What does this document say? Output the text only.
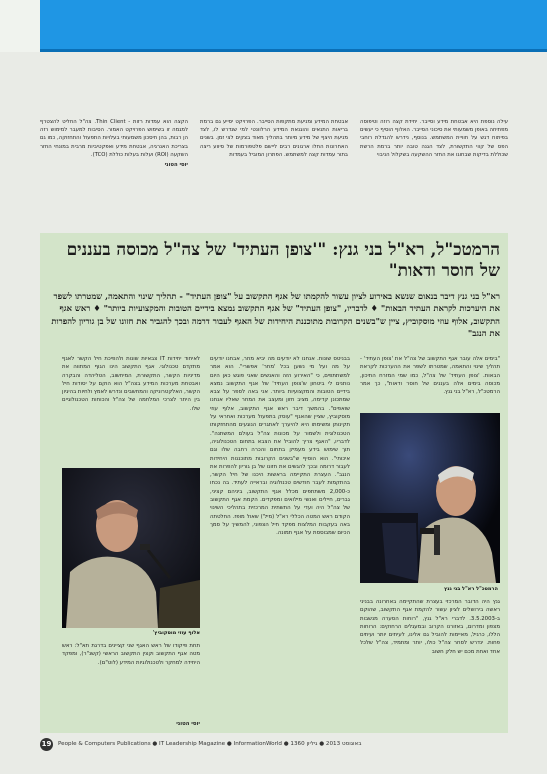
עילה נוספת היא אבטחת מידע וסייבר. יחידת קצה רוזה וטיפוסה מפתיחה באופן משמעותי את סיכוני הסייבר. האלוף הוסיף כי יעשים בפיתוח דגש על חוויית המשתמש. בנוסף, נידרש להגדלת רוחבי הפס של קווי התקשורת, לצד הגנה טובה יותר ברמת הרשת שכוללת בדיקות שבחוגו את החזר ההשקעה בשקלול הניבוי
אבטחת המידע ומניעת מתקפות הסייבר. הפרויקט יסייע גם ברמת בריאות התנאים והוגנאת המידע הרלוונטי למי שנדרש לו, לצד מניעת היצף של מידע מיותר בתהליך מאוד בצקים לצי זמן. בשנים האחרונות החלו ארגונים רבים ליישם פלטפורמות של סיווע ריצה בתור עמדות קצה למשתמש. הפתרון המוביל בעמדות
הקצה הוא עמדות רזות - Thin Client. צה"ל החליט להצטרף למגמה זו בשימוש הפרויקט האמור. הסיבות למעבר למימוש רזה הן רבות, בהן חיסכון משמעותי בעלויות התפעול והתחזוקה, כמו גם בצריכת האנרגיה, אבטחת מידע ואפקטיביות מרבית במונחי החזר השקעה (ROI) ועלות בעלות כוללת (TCO).
יוסי הטוני
הרמטכ"ל, רא"ל בני גנץ: "'צופן העתיד' של צה"ל מכוסה בעננים של חוסר ודאות"
רא"ל בני גנץ דיבר בנאום שנשא באירוע לציון עשור להקמתו של אגף התקשוב על "צופן העתיד" - תהליך שינוי והתאמה, שמטרתו לשפר את היערכות לקראת העתיד הבאות" ♦ לדבריו, "צופן העתיד" של אגף התקשוב נמצא בידיים הטובות והמקצועיות ביותר" ♦ ראש אגף התקשוב, אלוף עוזי מוסקוביץ, ציין ש"בשנים הקרובות מתוכננת היחידות של האגף לעבור דרמה ובכך להגביר את חזונו של בן גוריון להפרות את הנגב"
"בימים אלה עובר אגף התקשוב של צה"ל את 'צופן העתיד' - תהליך שינוי והתאמה, שמטרתו לשפר את ההערכות לקראת הבאות. 'צופן העתיד' של צה"ל, כמו שמי המזרח התיכון, מכוסה בימים אלה בעננים של חוסר ודאות", כך אמר הרמטכ"ל, רא"ל בני גנץ.
הרמטכ"ל רא"ל בני גנץ
גנץ היה הדובר המרכזי בעצרת שהתקיימה באחרונה בבניני ראשה בירושלים לציון עשור להקמת אגף התקשוב, שהוקם ב-3.5.2003. לדברי רא"ל גנץ, "רוחות הסערה מנשבות מצפון ומדרום, באזורנו הקרוב ובמעגלים הרחוקים: הרוחות הללו, כרגיל, מאיימות להוביל גם אלינו, לעיתים יותר ועיתים פחות. ינדרש לסחר צה"ל כולו, יותר ומתמיד, צה"ל שלכל אחד ואחת מכם יש חלק חשוב
בבניטס שונות. אנחנו לא יודעים מה יביא מחר, אבחנו יודעים על מה ועל מי נשען בכל 'מחר' אפשרי". הוא אמר למשתתפים, כי "האירוע הזה והאנשים שאני פוגש כאן היום נותנים לי ביטחון ש'צופן העתיד' של אגף התקשוב נמצא בידיים הטובות והמקצועיות ביותר. אני באה לספר על צבא שמתכונן קדימה, מציב חזון ומעצב את המחר שאליו אנחנו שואפים". בהמשך דיבר ראש אגף התקשוב, אלוף עוזי מוסקוביץ, שציין שהאגף "עוסק בתפעול מערכות ואחראי על תקינותן ומשימתו היא להיערך לאתגרים הנוגעים מהתחזקותו הטכנולוגית ולשמור על מכונות צה"ל בעולם המשתנה". לדבריו, "האגף צריך להוביל את הצבא בתחום הטכנולוגיה, תוך שימוש בידע מעמיק בתחום והכרה רחבה שלו וגם איכותי". הוא הוסיף ש"בשנים הקרובות מתוכננות היחידות לעבור דרומה ובכך להגשים את חזונו של בן גוריון להפרות את הנגב". העצרת התקיימה בראשות היכנו של חיל הקשר, בהתקמות לעבר חודשים טכנולוגיה ובראייה לעתיד. בה נכחו כ-2,000 משתתפים מכלל אגף התקשוב, ביניהם קציני, גברים, חיילים ואנשי מילואים ומפקדים. הקמת אגף התקשוב של צה"ל היה ועדי על התשתית המרכזית בתהליכי השינוי הקודם ראש המטה הכללי רא"ל (מיל') שאול מופז. החלטתה באה בעקבות המלצות מפקד חיל הצפוני, להמשיך על סמך הכיום שמבוססת על אגף תמונה.
לאיחוד יחידות IT צבאיות שונות ולהפיכת חיל הקשר לאגף מתקדם טכנולוגי. אגף התקשוב הינו הגוף המתווה את מדיניות הקשר, התקשורת, המיחשוב, הטליהדה והבקרה ואבטחת מערכות המידע בצה"ל הוא הוקם על יסודות חיל הקשר, האלקטרוניקה והמחשבים ונדרש לאמץ ולחיות בהיגיון בין היתר לצרכי המלחמה של צה"ל והכוחות הטכנולוגיים שלו.
אלוף עוזי מוסקוביץ'
תחת פיקודו של ראש האגף שני קציינים בדרגת תא"ל: ראש מטה אגף התקשוב וקצין התקשוב הראשי (קשנ"ר), ומפקד היחידה למחקר ולטכנולוגיות המידע (לוט"ם).
יוסי הטוני
19 People & Computers Publications ● IT Leadership Magazine ● InformationWorld ● באוגוסט 2013 ● גיליון 1360
